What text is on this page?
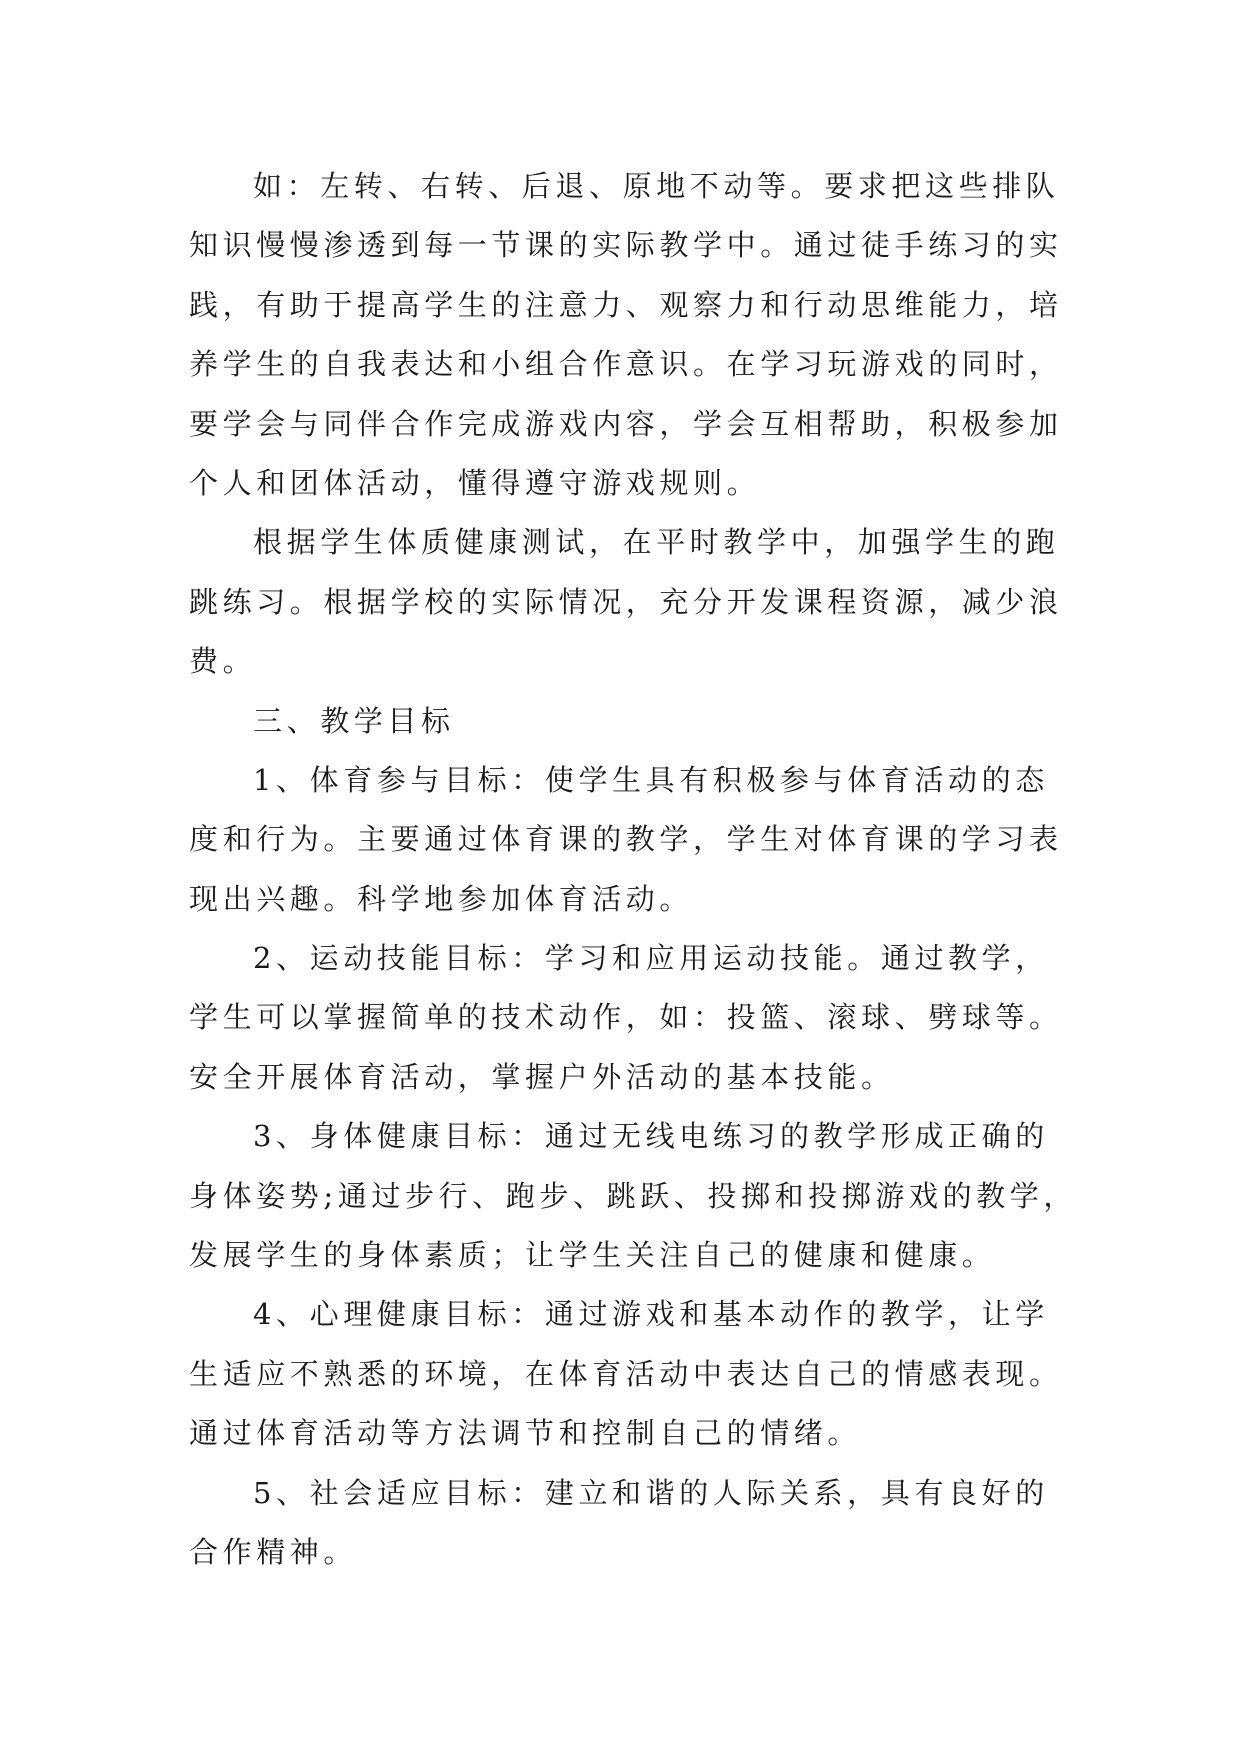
如：左转、右转、后退、原地不动等。要求把这些排队
知识慢慢渗透到每一节课的实际教学中。通过徒手练习的实
践，有助于提高学生的注意力、观察力和行动思维能力，培
养学生的自我表达和小组合作意识。在学习玩游戏的同时，
要学会与同伴合作完成游戏内容，学会互相帮助，积极参加
个人和团体活动，懂得遵守游戏规则。
根据学生体质健康测试，在平时教学中，加强学生的跑
跳练习。根据学校的实际情况，充分开发课程资源，减少浪
费。
三、教学目标
1、体育参与目标：使学生具有积极参与体育活动的态
度和行为。主要通过体育课的教学，学生对体育课的学习表
现出兴趣。科学地参加体育活动。
2、运动技能目标：学习和应用运动技能。通过教学，
学生可以掌握简单的技术动作，如：投篮、滚球、劈球等。
安全开展体育活动，掌握户外活动的基本技能。
3、身体健康目标：通过无线电练习的教学形成正确的
身体姿势;通过步行、跑步、跳跃、投掷和投掷游戏的教学，
发展学生的身体素质；让学生关注自己的健康和健康。
4、心理健康目标：通过游戏和基本动作的教学，让学
生适应不熟悉的环境，在体育活动中表达自己的情感表现。
通过体育活动等方法调节和控制自己的情绪。
5、社会适应目标：建立和谐的人际关系，具有良好的
合作精神。
